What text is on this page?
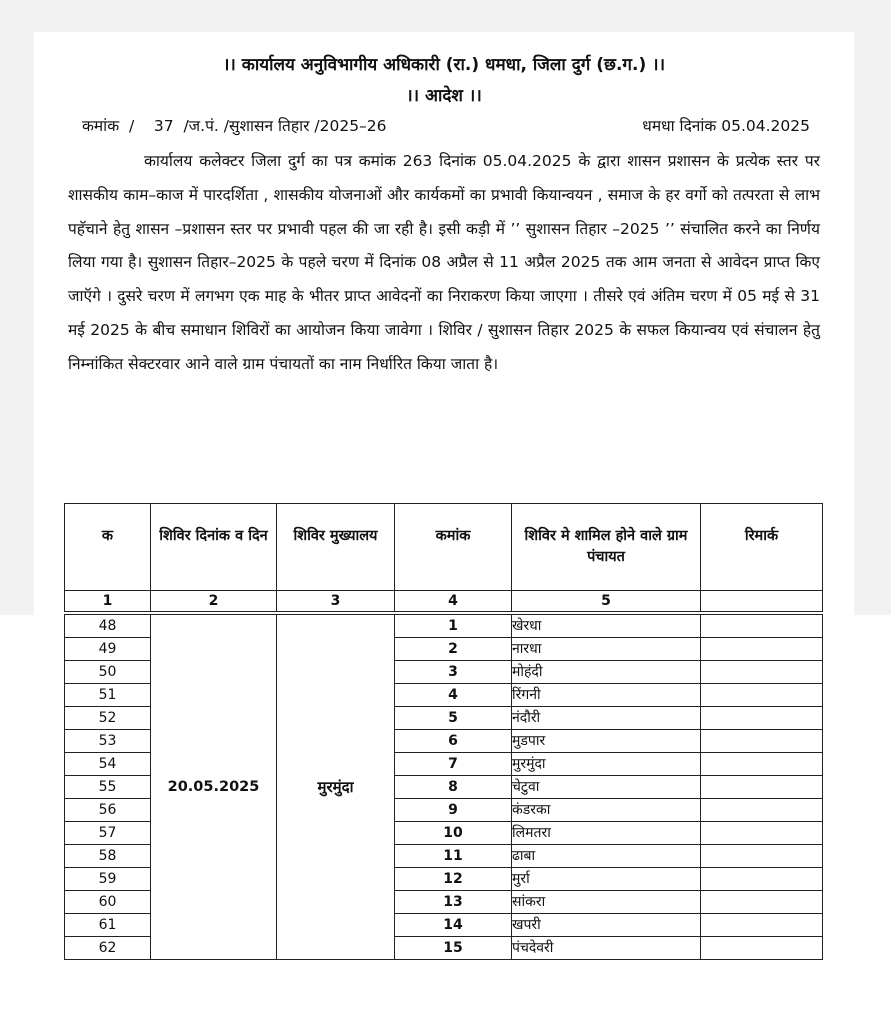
।। कार्यालय अनुविभागीय अधिकारी (रा.) धमधा, जिला दुर्ग (छ.ग.) ।।
।। आदेश ।।
कमांक  /    37  /ज.पं. /सुशासन तिहार /2025–26	धमधा दिनांक 05.04.2025

कार्यालय कलेक्टर जिला दुर्ग का पत्र कमांक 263 दिनांक 05.04.2025 के द्वारा शासन प्रशासन के प्रत्येक स्तर पर शासकीय काम–काज में पारदर्शिता , शासकीय योजनाओं और कार्यकमों का प्रभावी कियान्वयन , समाज के हर वर्गो को तत्परता से लाभ पहॅचाने हेतु शासन –प्रशासन स्तर पर प्रभावी पहल की जा रही है। इसी कड़ी में ’’ सुशासन तिहार –2025 ’’ संचालित करने का निर्णय लिया गया है। सुशासन तिहार–2025 के पहले चरण में दिनांक 08 अप्रैल से 11 अप्रैल 2025 तक आम जनता से आवेदन प्राप्त किए जाऍगे । दुसरे चरण में लगभग एक माह के भीतर प्राप्त आवेदनों का निराकरण किया जाएगा । तीसरे एवं अंतिम चरण में 05 मई से 31 मई 2025 के बीच समाधान शिविरों का आयोजन किया जावेगा । शिविर / सुशासन तिहार 2025 के सफल कियान्वय एवं संचालन हेतु निम्नांकित सेक्टरवार आने वाले ग्राम पंचायतों का नाम निर्धारित किया जाता है।

क	शिविर दिनांक व दिन	शिविर मुख्यालय	कमांक	शिविर मे शामिल होने वाले ग्राम पंचायत	रिमार्क
1	2	3	4	5	
48	20.05.2025	मुरमुंदा	1	खेरधा	
49			2	नारधा	
50			3	मोहंदी	
51			4	रिंगनी	
52			5	नंदौरी	
53			6	मुडपार	
54			7	मुरमुंदा	
55			8	चेटुवा	
56			9	कंडरका	
57			10	लिमतरा	
58			11	ढाबा	
59			12	मुर्रा	
60			13	सांकरा	
61			14	खपरी	
62			15	पंचदेवरी	
